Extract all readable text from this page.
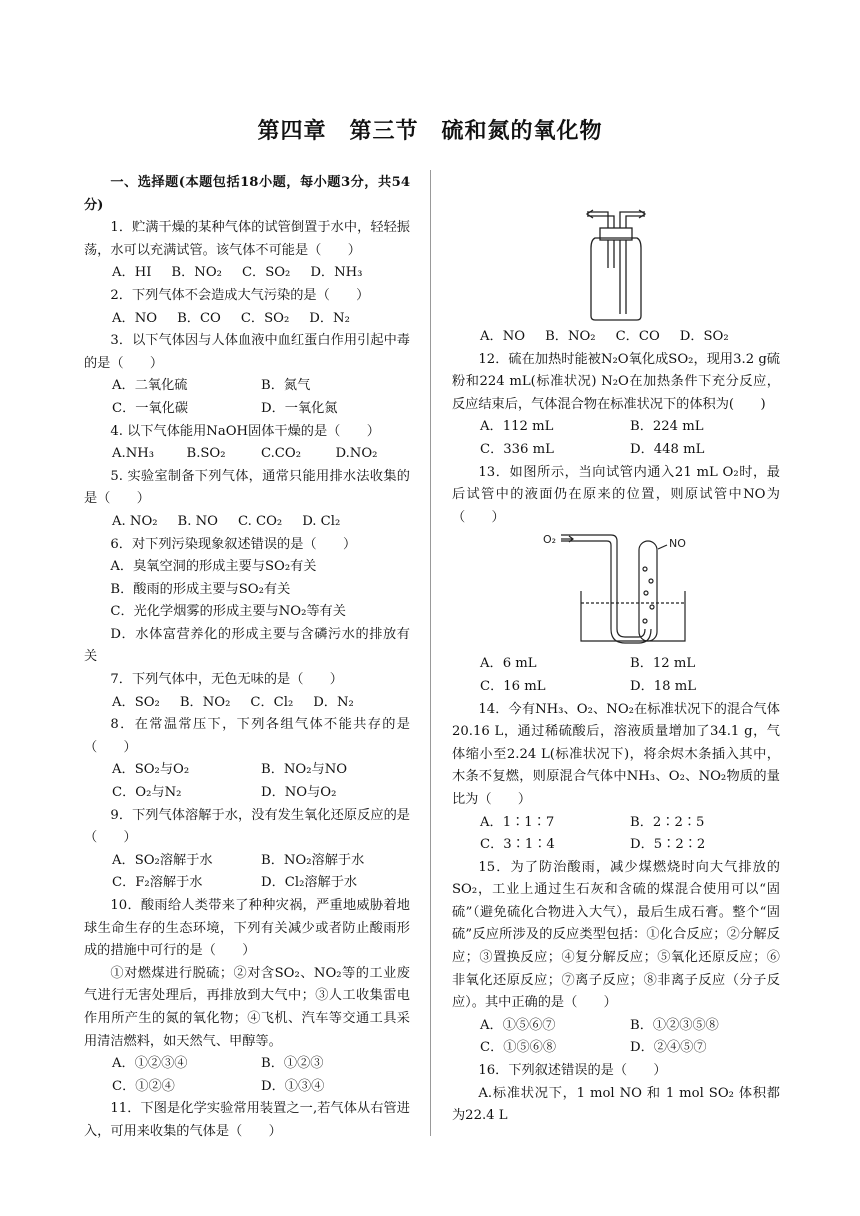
第四章　第三节　硫和氮的氧化物

一、选择题(本题包括18小题，每小题3分，共54分)

1．贮满干燥的某种气体的试管倒置于水中，轻轻振荡，水可以充满试管。该气体不可能是（　　）

A．HI B．NO₂ C．SO₂ D．NH₃

2．下列气体不会造成大气污染的是（　　）

A．NO B．CO C．SO₂ D．N₂

3．以下气体因与人体血液中血红蛋白作用引起中毒的是（　　）

A．二氧化硫	B．氮气
C．一氧化碳	D．一氧化氮

4. 以下气体能用NaOH固体干燥的是（　　）

A.NH₃	B.SO₂	C.CO₂	D.NO₂

5. 实验室制备下列气体，通常只能用排水法收集的是（　　）

A. NO₂ B. NO C. CO₂ D. Cl₂

6．对下列污染现象叙述错误的是（　　）

A．臭氧空洞的形成主要与SO₂有关

B．酸雨的形成主要与SO₂有关

C．光化学烟雾的形成主要与NO₂等有关

D．水体富营养化的形成主要与含磷污水的排放有关

7．下列气体中，无色无味的是（　　）

A．SO₂ B．NO₂ C．Cl₂ D．N₂

8．在常温常压下，下列各组气体不能共存的是（　　）

A．SO₂与O₂	B．NO₂与NO
C．O₂与N₂	D．NO与O₂

9．下列气体溶解于水，没有发生氧化还原反应的是（　　）

A．SO₂溶解于水	B．NO₂溶解于水
C．F₂溶解于水	D．Cl₂溶解于水

10．酸雨给人类带来了种种灾祸，严重地威胁着地球生命生存的生态环境，下列有关减少或者防止酸雨形成的措施中可行的是（　　）

①对燃煤进行脱硫；②对含SO₂、NO₂等的工业废气进行无害处理后，再排放到大气中；③人工收集雷电作用所产生的氮的氧化物；④飞机、汽车等交通工具采用清洁燃料，如天然气、甲醇等。

A．①②③④	B．①②③
C．①②④	D．①③④

11．下图是化学实验常用装置之一,若气体从右管进入，可用来收集的气体是（　　）

A．NO B．NO₂ C．CO D．SO₂

12．硫在加热时能被N₂O氧化成SO₂，现用3.2 g硫粉和224 mL(标准状况) N₂O在加热条件下充分反应，反应结束后，气体混合物在标准状况下的体积为(　　)

A．112 mL	B．224 mL
C．336 mL	D．448 mL

13．如图所示，当向试管内通入21 mL O₂时，最后试管中的液面仍在原来的位置，则原试管中NO为（　　）

O₂	NO
A．6 mL	B．12 mL
C．16 mL	D．18 mL

14．今有NH₃、O₂、NO₂在标准状况下的混合气体20.16 L，通过稀硫酸后，溶液质量增加了34.1 g，气体缩小至2.24 L(标准状况下)，将余烬木条插入其中，木条不复燃，则原混合气体中NH₃、O₂、NO₂物质的量比为（　　）

A．1∶1∶7	B．2∶2∶5
C．3∶1∶4	D．5∶2∶2

15．为了防治酸雨，减少煤燃烧时向大气排放的SO₂，工业上通过生石灰和含硫的煤混合使用可以“固硫”（避免硫化合物进入大气），最后生成石膏。整个“固硫”反应所涉及的反应类型包括：①化合反应；②分解反应；③置换反应；④复分解反应；⑤氧化还原反应；⑥非氧化还原反应；⑦离子反应；⑧非离子反应（分子反应）。其中正确的是（　　）

A．①⑤⑥⑦	B．①②③⑤⑧
C．①⑤⑥⑧	D．②④⑤⑦

16．下列叙述错误的是（　　）

A.标准状况下，1 mol NO 和 1 mol SO₂ 体积都为22.4 L
